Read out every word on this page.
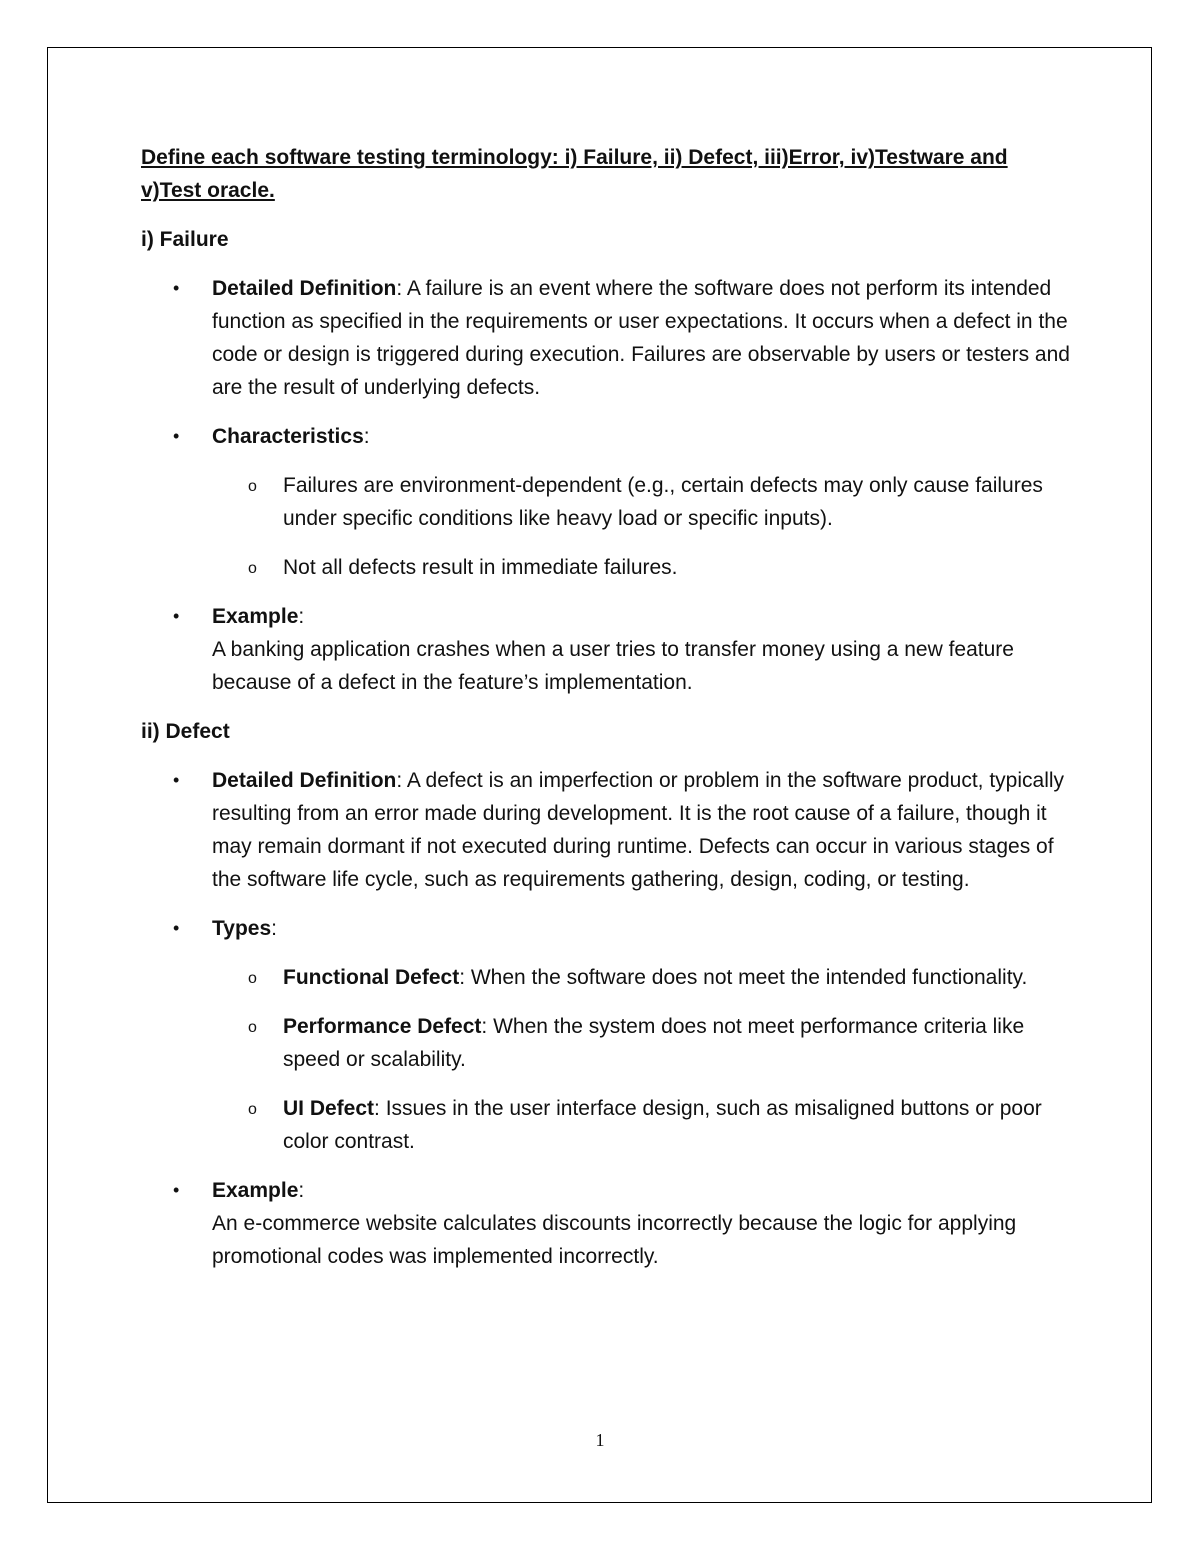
Define each software testing terminology: i) Failure, ii) Defect, iii)Error, iv)Testware and v)Test oracle.

i) Failure

• Detailed Definition: A failure is an event where the software does not perform its intended function as specified in the requirements or user expectations. It occurs when a defect in the code or design is triggered during execution. Failures are observable by users or testers and are the result of underlying defects.
• Characteristics:
o Failures are environment-dependent (e.g., certain defects may only cause failures under specific conditions like heavy load or specific inputs).
o Not all defects result in immediate failures.
• Example:
A banking application crashes when a user tries to transfer money using a new feature because of a defect in the feature’s implementation.

ii) Defect

• Detailed Definition: A defect is an imperfection or problem in the software product, typically resulting from an error made during development. It is the root cause of a failure, though it may remain dormant if not executed during runtime. Defects can occur in various stages of the software life cycle, such as requirements gathering, design, coding, or testing.
• Types:
o Functional Defect: When the software does not meet the intended functionality.
o Performance Defect: When the system does not meet performance criteria like speed or scalability.
o UI Defect: Issues in the user interface design, such as misaligned buttons or poor color contrast.
• Example:
An e-commerce website calculates discounts incorrectly because the logic for applying promotional codes was implemented incorrectly.
1
